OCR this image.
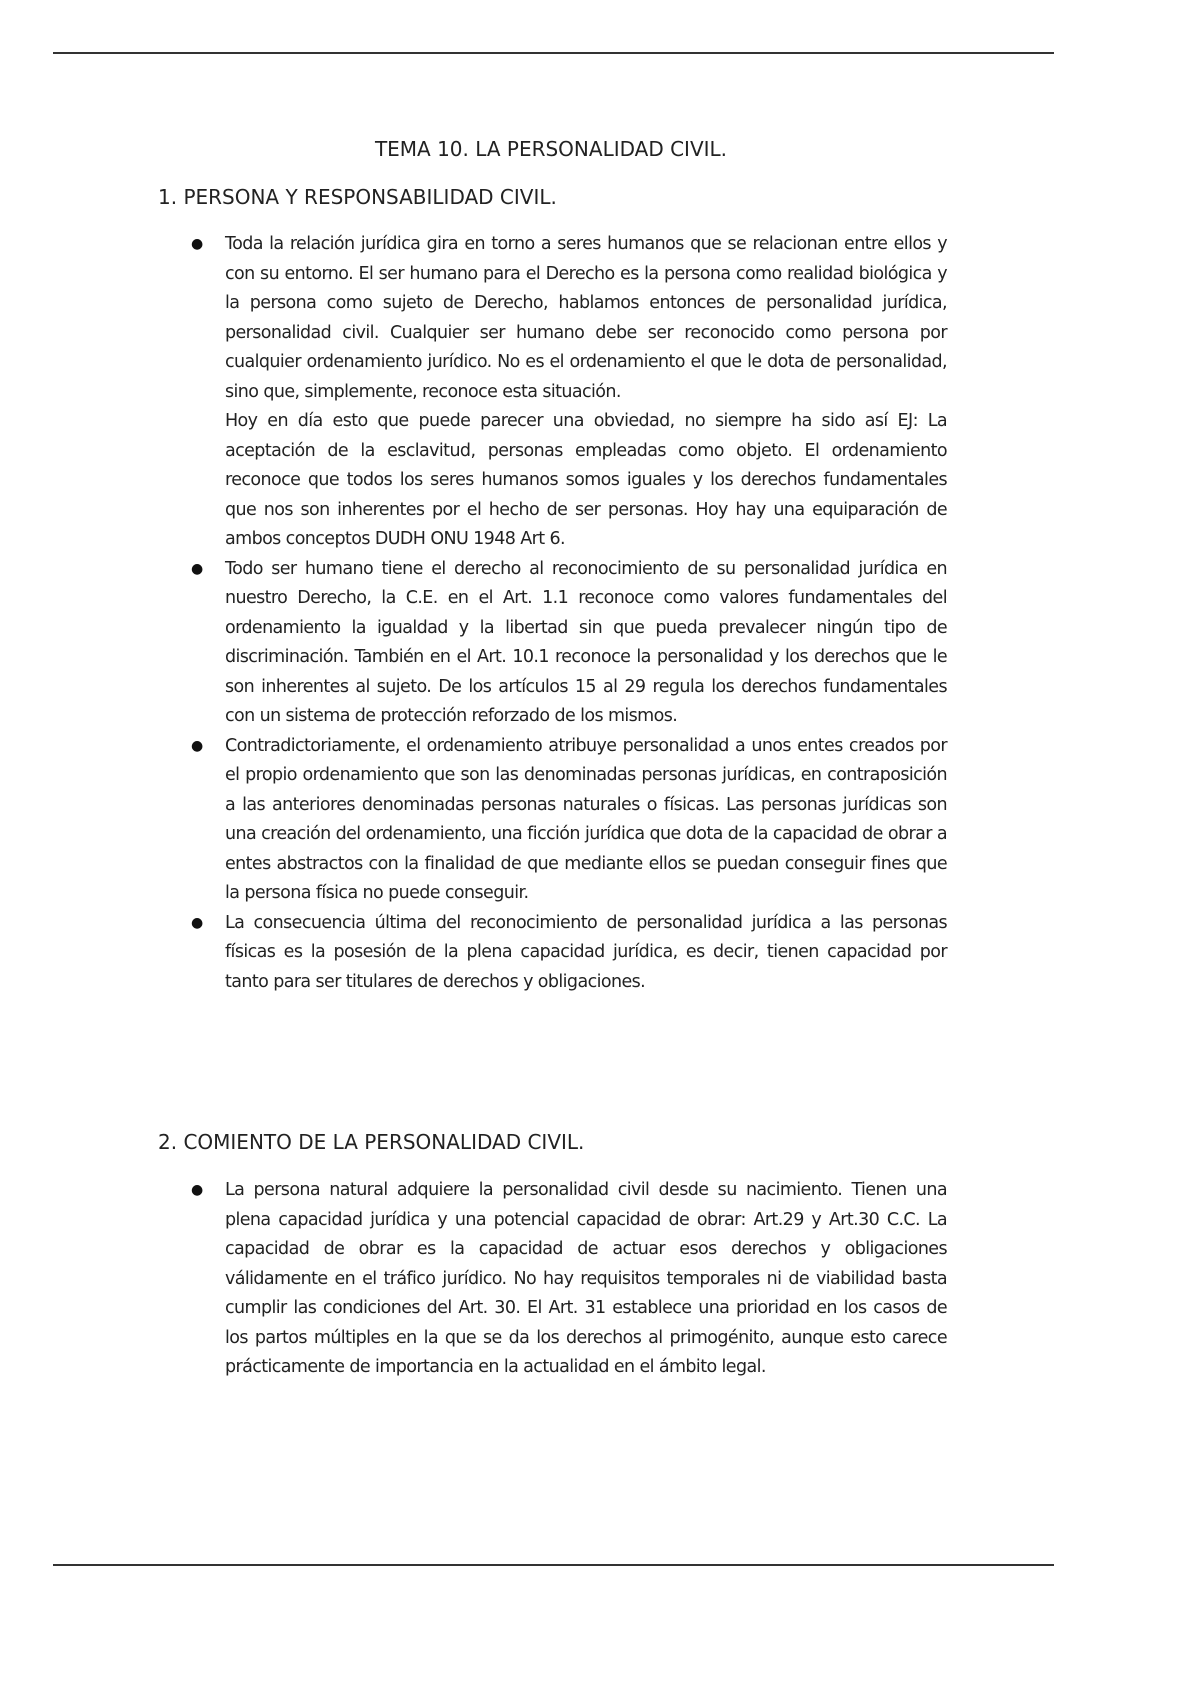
TEMA 10. LA PERSONALIDAD CIVIL.
1. PERSONA Y RESPONSABILIDAD CIVIL.
● Toda la relación jurídica gira en torno a seres humanos que se relacionan entre ellos y con su entorno. El ser humano para el Derecho es la persona como realidad biológica y la persona como sujeto de Derecho, hablamos entonces de personalidad jurídica, personalidad civil. Cualquier ser humano debe ser reconocido como persona por cualquier ordenamiento jurídico. No es el ordenamiento el que le dota de personalidad, sino que, simplemente, reconoce esta situación.

Hoy en día esto que puede parecer una obviedad, no siempre ha sido así EJ: La aceptación de la esclavitud, personas empleadas como objeto. El ordenamiento reconoce que todos los seres humanos somos iguales y los derechos fundamentales que nos son inherentes por el hecho de ser personas. Hoy hay una equiparación de ambos conceptos DUDH ONU 1948 Art 6.

● Todo ser humano tiene el derecho al reconocimiento de su personalidad jurídica en nuestro Derecho, la C.E. en el Art. 1.1 reconoce como valores fundamentales del ordenamiento la igualdad y la libertad sin que pueda prevalecer ningún tipo de discriminación. También en el Art. 10.1 reconoce la personalidad y los derechos que le son inherentes al sujeto. De los artículos 15 al 29 regula los derechos fundamentales con un sistema de protección reforzado de los mismos.

● Contradictoriamente, el ordenamiento atribuye personalidad a unos entes creados por el propio ordenamiento que son las denominadas personas jurídicas, en contraposición a las anteriores denominadas personas naturales o físicas. Las personas jurídicas son una creación del ordenamiento, una ficción jurídica que dota de la capacidad de obrar a entes abstractos con la finalidad de que mediante ellos se puedan conseguir fines que la persona física no puede conseguir.

● La consecuencia última del reconocimiento de personalidad jurídica a las personas físicas es la posesión de la plena capacidad jurídica, es decir, tienen capacidad por tanto para ser titulares de derechos y obligaciones.

2. COMIENTO DE LA PERSONALIDAD CIVIL.
● La persona natural adquiere la personalidad civil desde su nacimiento. Tienen una plena capacidad jurídica y una potencial capacidad de obrar: Art.29 y Art.30 C.C. La capacidad de obrar es la capacidad de actuar esos derechos y obligaciones válidamente en el tráfico jurídico. No hay requisitos temporales ni de viabilidad basta cumplir las condiciones del Art. 30. El Art. 31 establece una prioridad en los casos de los partos múltiples en la que se da los derechos al primogénito, aunque esto carece prácticamente de importancia en la actualidad en el ámbito legal.
